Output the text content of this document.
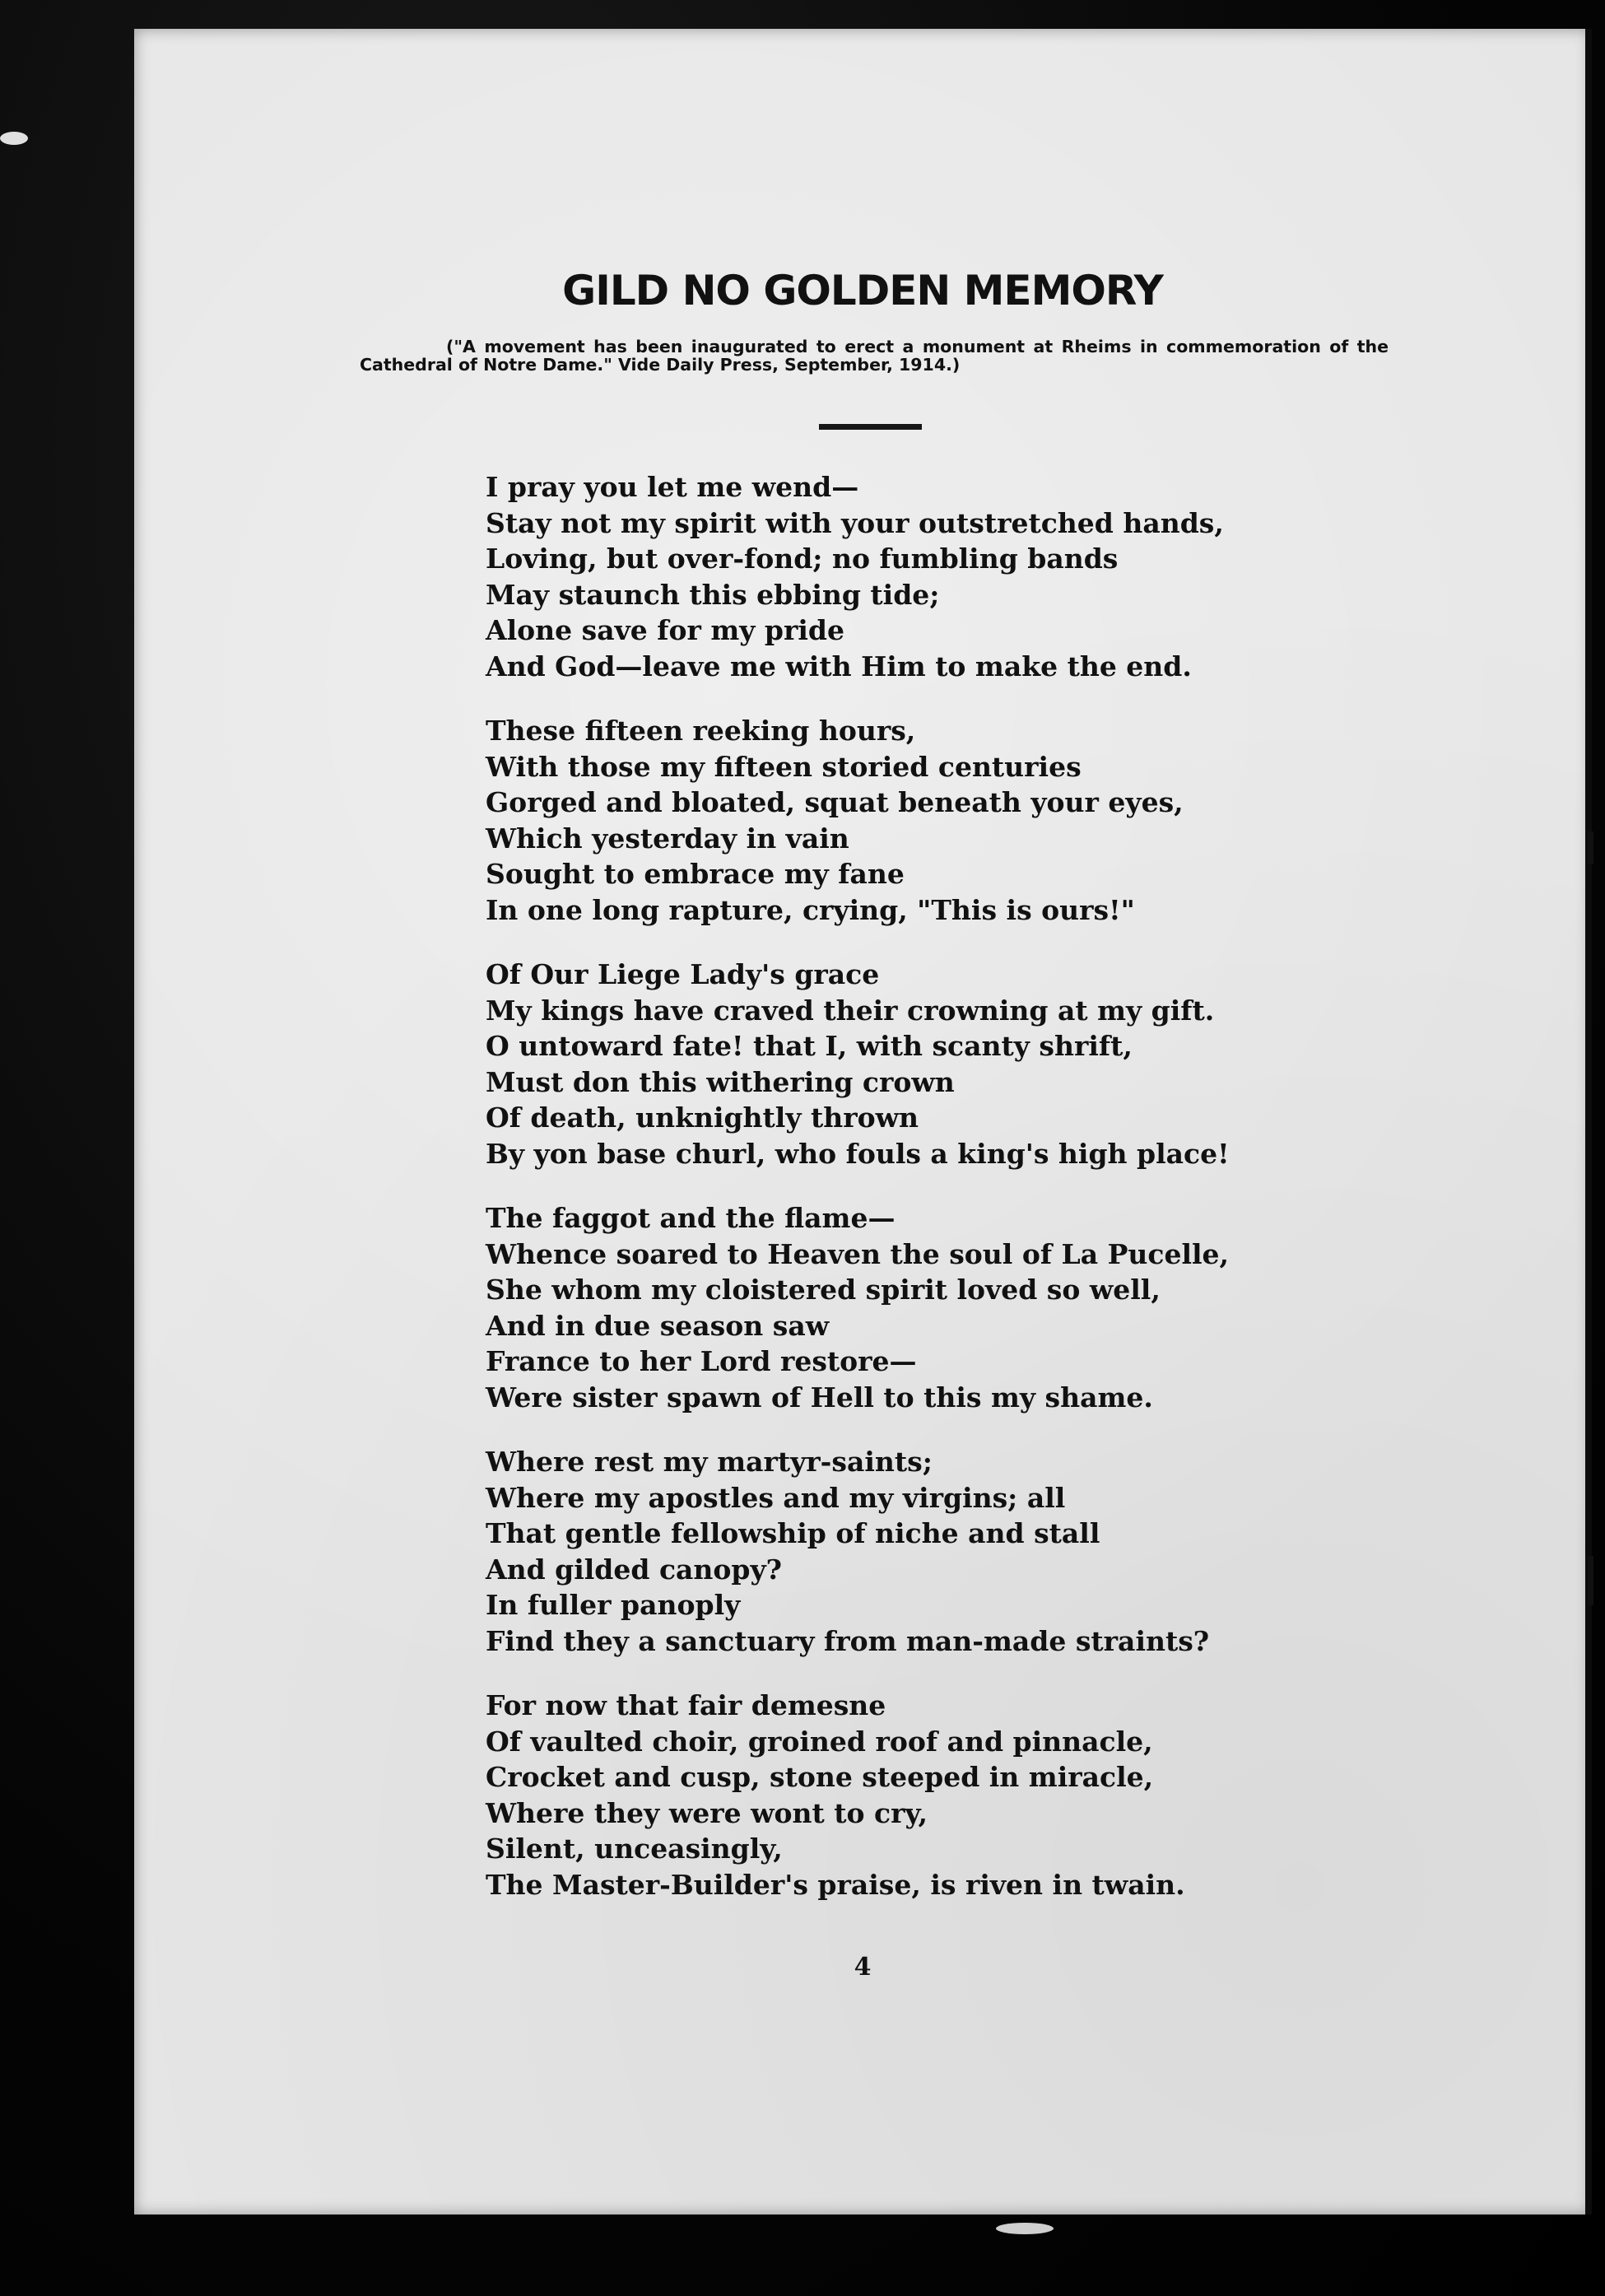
GILD NO GOLDEN MEMORY

("A movement has been inaugurated to erect a monument at Rheims in commemoration of the Cathedral of Notre Dame." Vide Daily Press, September, 1914.)

I pray you let me wend—
Stay not my spirit with your outstretched hands,
Loving, but over-fond; no fumbling bands
May staunch this ebbing tide;
Alone save for my pride
And God—leave me with Him to make the end.
These fifteen reeking hours,
With those my fifteen storied centuries
Gorged and bloated, squat beneath your eyes,
Which yesterday in vain
Sought to embrace my fane
In one long rapture, crying, "This is ours!"
Of Our Liege Lady's grace
My kings have craved their crowning at my gift.
O untoward fate! that I, with scanty shrift,
Must don this withering crown
Of death, unknightly thrown
By yon base churl, who fouls a king's high place!
The faggot and the flame—
Whence soared to Heaven the soul of La Pucelle,
She whom my cloistered spirit loved so well,
And in due season saw
France to her Lord restore—
Were sister spawn of Hell to this my shame.
Where rest my martyr-saints;
Where my apostles and my virgins; all
That gentle fellowship of niche and stall
And gilded canopy?
In fuller panoply
Find they a sanctuary from man-made straints?
For now that fair demesne
Of vaulted choir, groined roof and pinnacle,
Crocket and cusp, stone steeped in miracle,
Where they were wont to cry,
Silent, unceasingly,
The Master-Builder's praise, is riven in twain.
4
